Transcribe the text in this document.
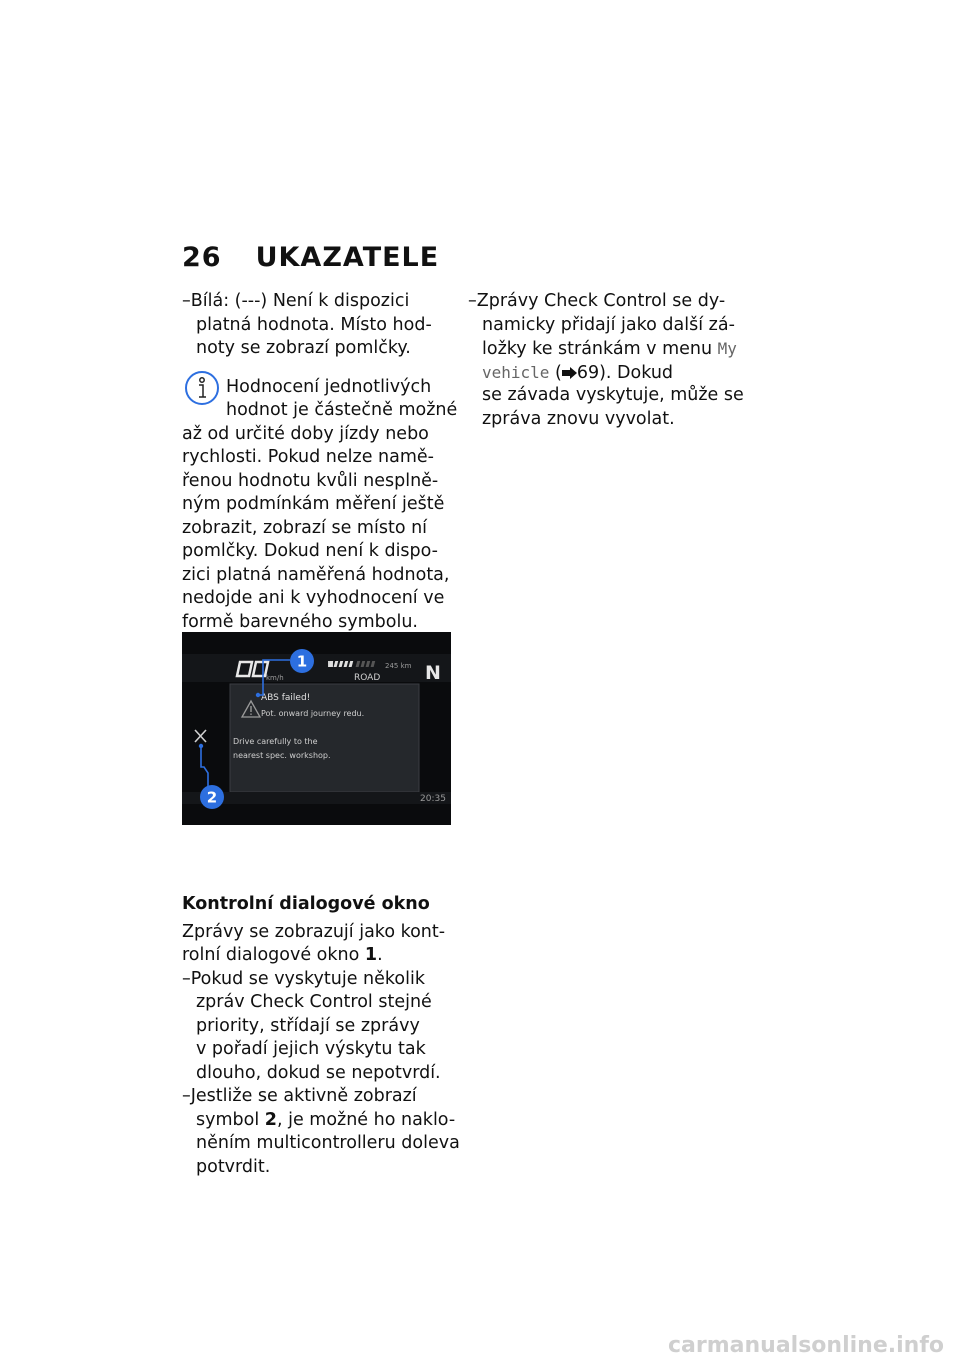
26 UKAZATELE
–Bílá: (---) Není k dispozici
platná hodnota. Místo hod-
noty se zobrazí pomlčky.
Hodnocení jednotlivých
hodnot je částečně možné
až od určité doby jízdy nebo
rychlosti. Pokud nelze namě-
řenou hodnotu kvůli nesplně-
ným podmínkám měření ještě
zobrazit, zobrazí se místo ní
pomlčky. Dokud není k dispo-
zici platná naměřená hodnota,
nedojde ani k vyhodnocení ve
formě barevného symbolu.
Kontrolní dialogové okno
Zprávy se zobrazují jako kont-
rolní dialogové okno 1.
–Pokud se vyskytuje několik
zpráv Check Control stejné
priority, střídají se zprávy
v pořadí jejich výskytu tak
dlouho, dokud se nepotvrdí.
–Jestliže se aktivně zobrazí
symbol 2, je možné ho naklo-
něním multicontrolleru doleva
potvrdit.
–Zprávy Check Control se dy-
namicky přidají jako další zá-
ložky ke stránkám v menu My
vehicle ( 69). Dokud
se závada vyskytuje, může se
zpráva znovu vyvolat.
km/h
245 km
ROAD N
ABS failed!
Pot. onward journey redu.
Drive carefully to the
nearest spec. workshop.
20:35
1
2
carmanualsonline.info
